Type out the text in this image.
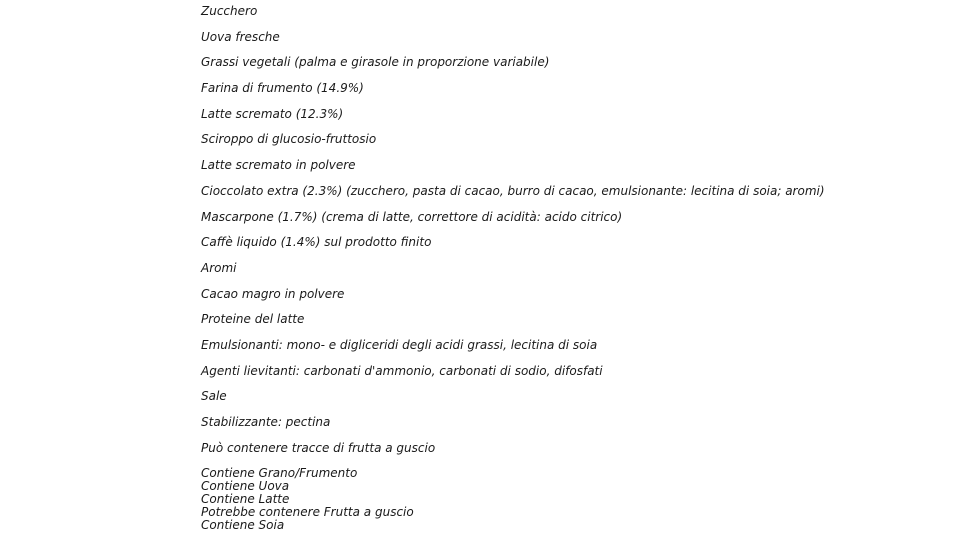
Zucchero
Uova fresche
Grassi vegetali (palma e girasole in proporzione variabile)
Farina di frumento (14.9%)
Latte scremato (12.3%)
Sciroppo di glucosio-fruttosio
Latte scremato in polvere
Cioccolato extra (2.3%) (zucchero, pasta di cacao, burro di cacao, emulsionante: lecitina di soia; aromi)
Mascarpone (1.7%) (crema di latte, correttore di acidità: acido citrico)
Caffè liquido (1.4%) sul prodotto finito
Aromi
Cacao magro in polvere
Proteine del latte
Emulsionanti: mono- e digliceridi degli acidi grassi, lecitina di soia
Agenti lievitanti: carbonati d'ammonio, carbonati di sodio, difosfati
Sale
Stabilizzante: pectina
Può contenere tracce di frutta a guscio
Contiene Grano/Frumento
Contiene Uova
Contiene Latte
Potrebbe contenere Frutta a guscio
Contiene Soia
